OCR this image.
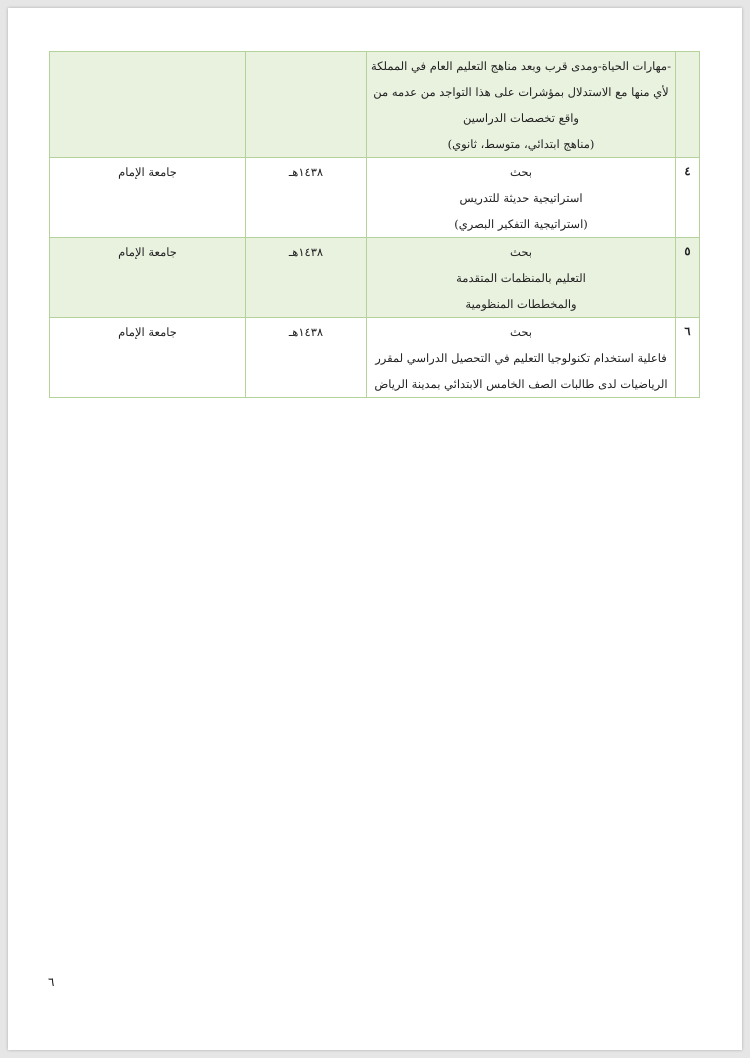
	-مهارات الحياة-ومدى قرب وبعد مناهج التعليم العام في المملكة
لأي منها مع الاستدلال بمؤشرات على هذا التواجد من عدمه من
واقع تخصصات الدراسين
(مناهج ابتدائي، متوسط، ثانوي)		

٤	بحث
استراتيجية حديثة للتدريس
(استراتيجية التفكير البصري)	١٤٣٨هـ	جامعة الإمام
٥	بحث
التعليم بالمنظمات المتقدمة
والمخططات المنظومية	١٤٣٨هـ	جامعة الإمام
٦	بحث
فاعلية استخدام تكنولوجيا التعليم في التحصيل الدراسي لمقرر
الرياضيات لدى طالبات الصف الخامس الابتدائي بمدينة الرياض	١٤٣٨هـ	جامعة الإمام
٦
